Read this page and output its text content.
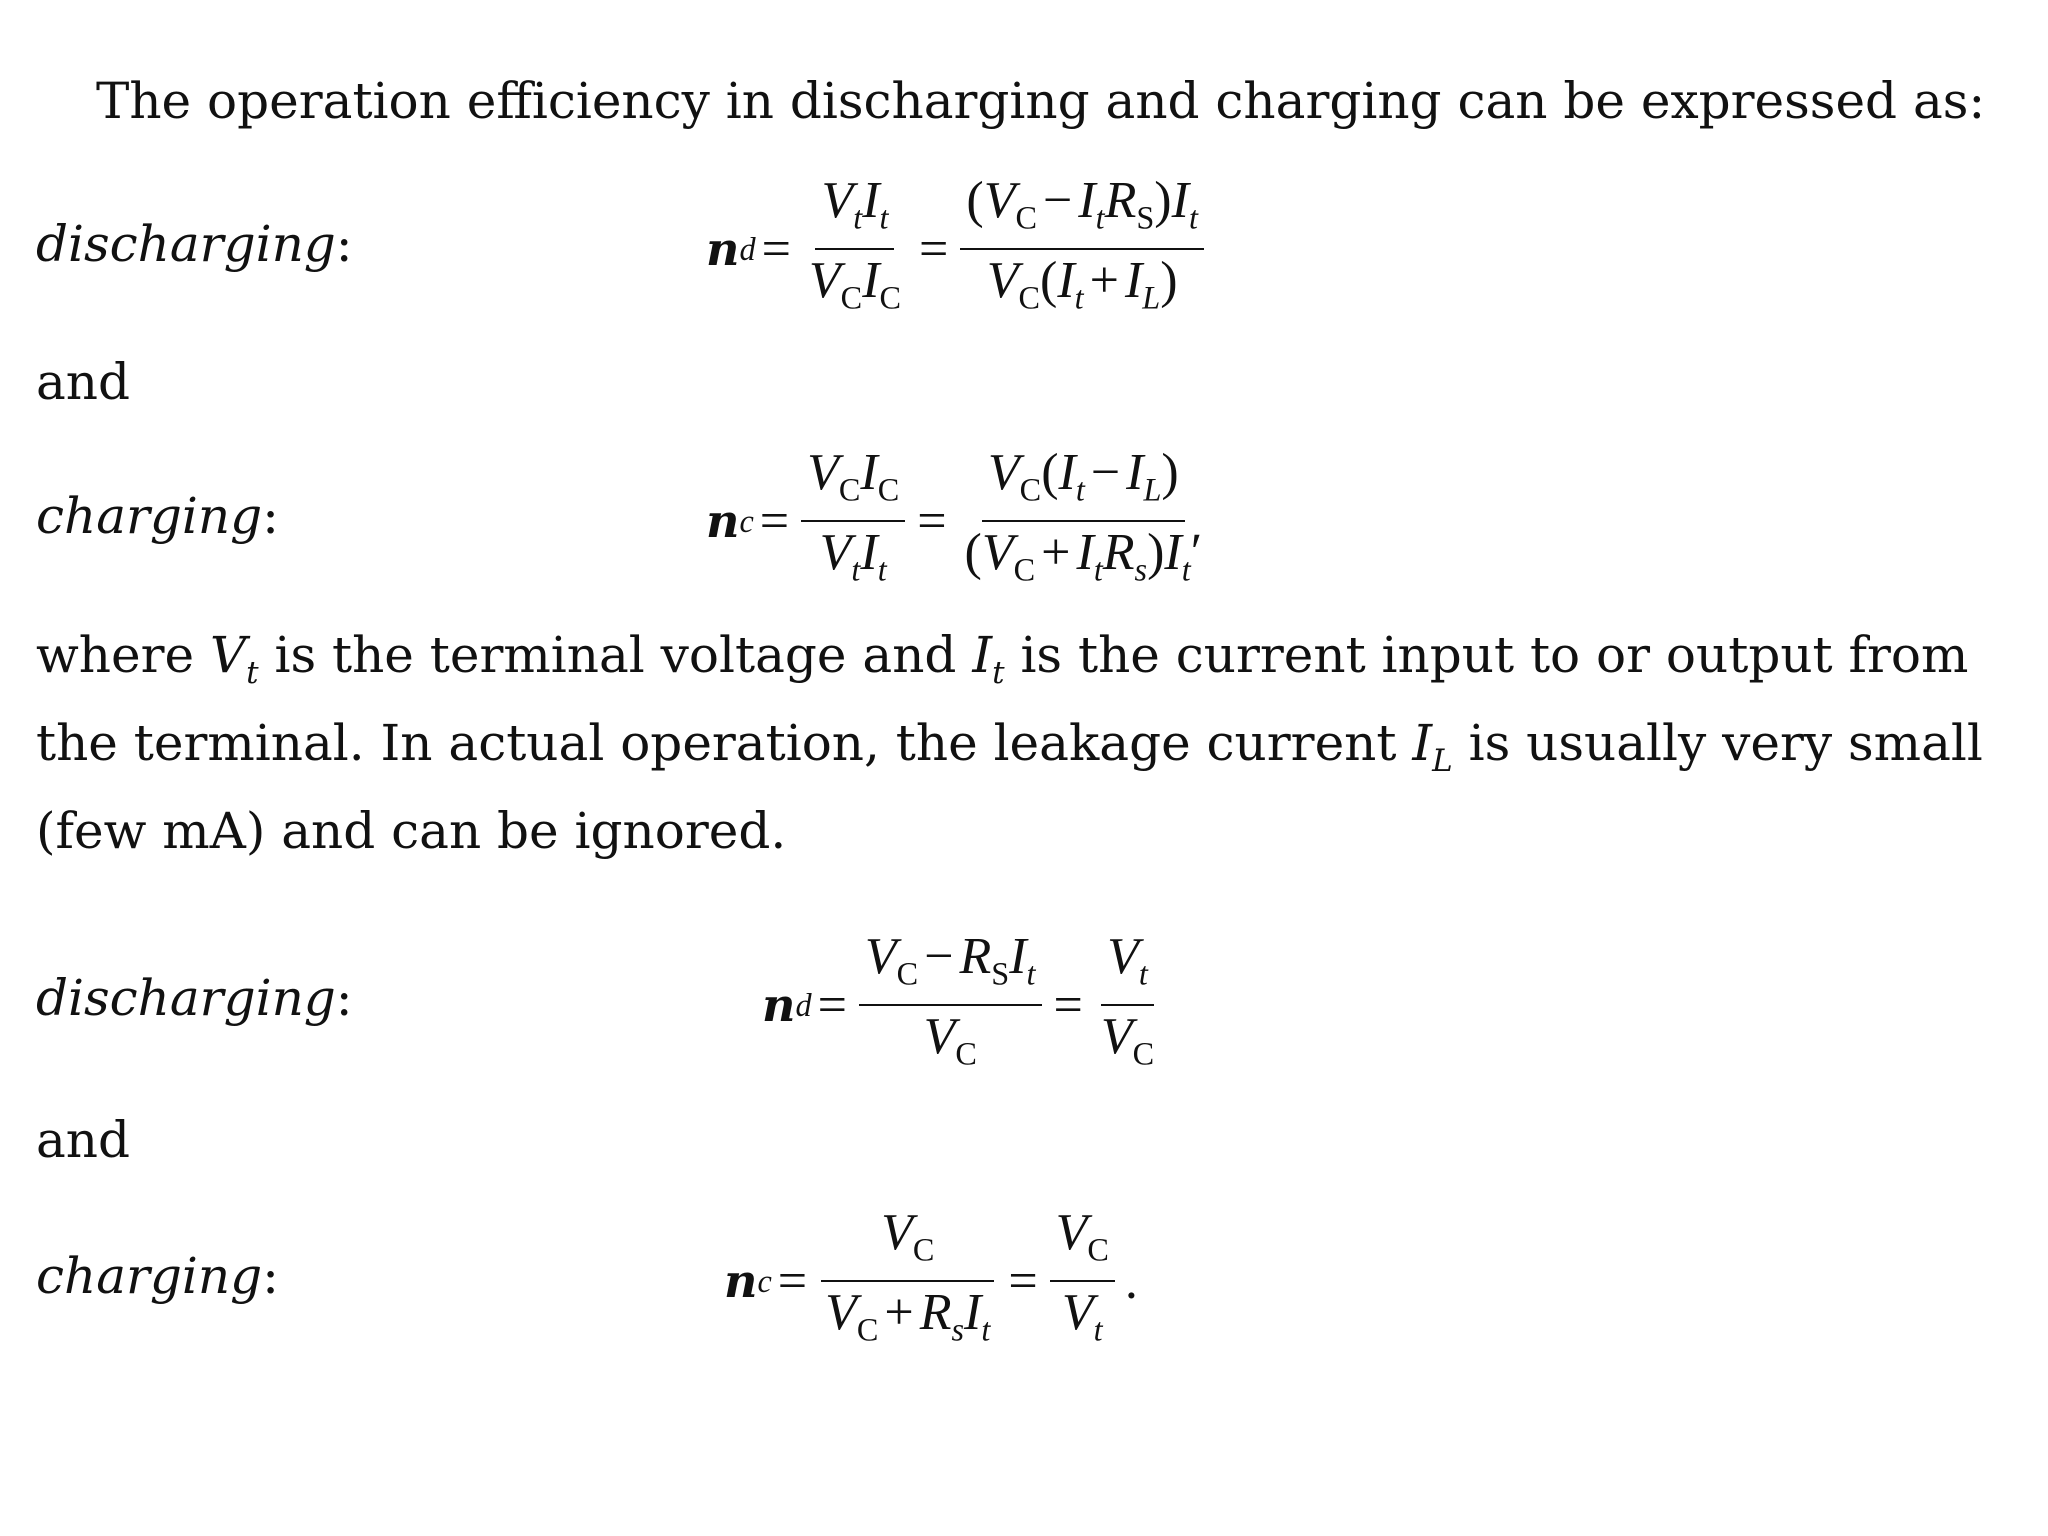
The operation efficiency in discharging and charging can be expressed as:

discharging:	n $d = \frac{V_tI_t}{V_CI_C} = \frac{(V_C - I_tR_S)I_t}{V_C(I_t + I_L)}$
and
charging:	n $c = \frac{V_CI_C}{V_tI_t} = \frac{V_C(I_t - I_L)}{(V_C + I_tR_s)I_t'}$

where $V_t$ is the terminal voltage and $I_t$ is the current input to or output from the terminal. In actual operation, the leakage current $I_L$ is usually very small (few mA) and can be ignored.

discharging:	n $d = \frac{V_C - R_SI_t}{V_C} = \frac{V_t}{V_C}$
and
charging:	n $c = \frac{V_C}{V_C + R_sI_t} = \frac{V_C}{V_t}$ .
